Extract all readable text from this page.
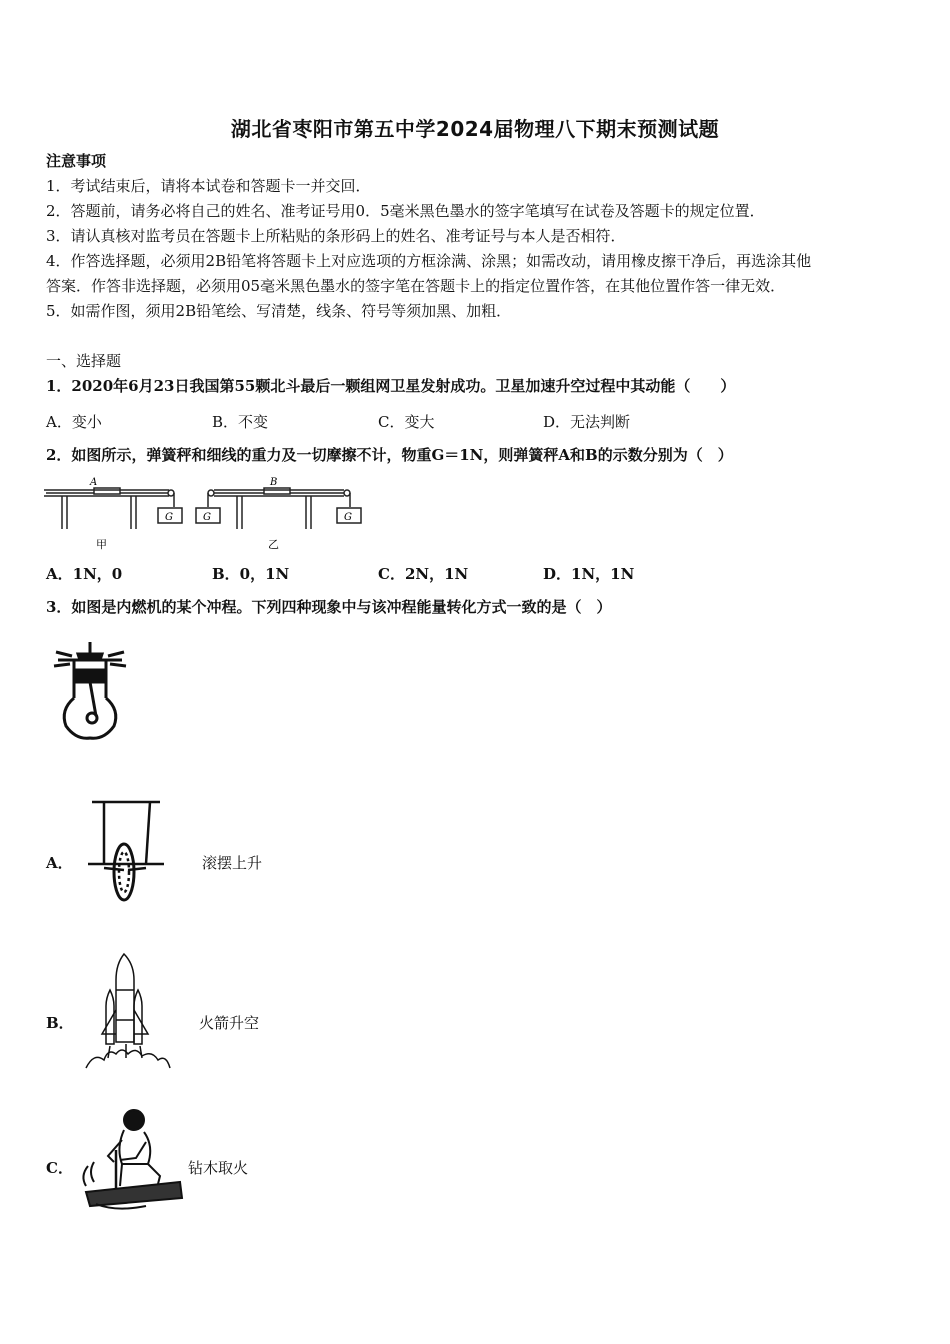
湖北省枣阳市第五中学2024届物理八下期末预测试题
注意事项
1．考试结束后，请将本试卷和答题卡一并交回．
2．答题前，请务必将自己的姓名、准考证号用0．5毫米黑色墨水的签字笔填写在试卷及答题卡的规定位置．
3．请认真核对监考员在答题卡上所粘贴的条形码上的姓名、准考证号与本人是否相符．
4．作答选择题，必须用2B铅笔将答题卡上对应选项的方框涂满、涂黑；如需改动，请用橡皮擦干净后，再选涂其他
答案．作答非选择题，必须用05毫米黑色墨水的签字笔在答题卡上的指定位置作答，在其他位置作答一律无效．
5．如需作图，须用2B铅笔绘、写清楚，线条、符号等须加黑、加粗．
一、选择题
1．2020年6月23日我国第55颗北斗最后一颗组网卫星发射成功。卫星加速升空过程中其动能（　　）
A．变小	B．不变	C．变大	D．无法判断
2．如图所示，弹簧秤和细线的重力及一切摩擦不计，物重G＝1N，则弹簧秤A和B的示数分别为（　）
A	B
G	G	G
甲	乙
A．1N，0	B．0，1N	C．2N，1N	D．1N，1N
3．如图是内燃机的某个冲程。下列四种现象中与该冲程能量转化方式一致的是（　）
A．	滚摆上升
B．	火箭升空
C．	钻木取火
